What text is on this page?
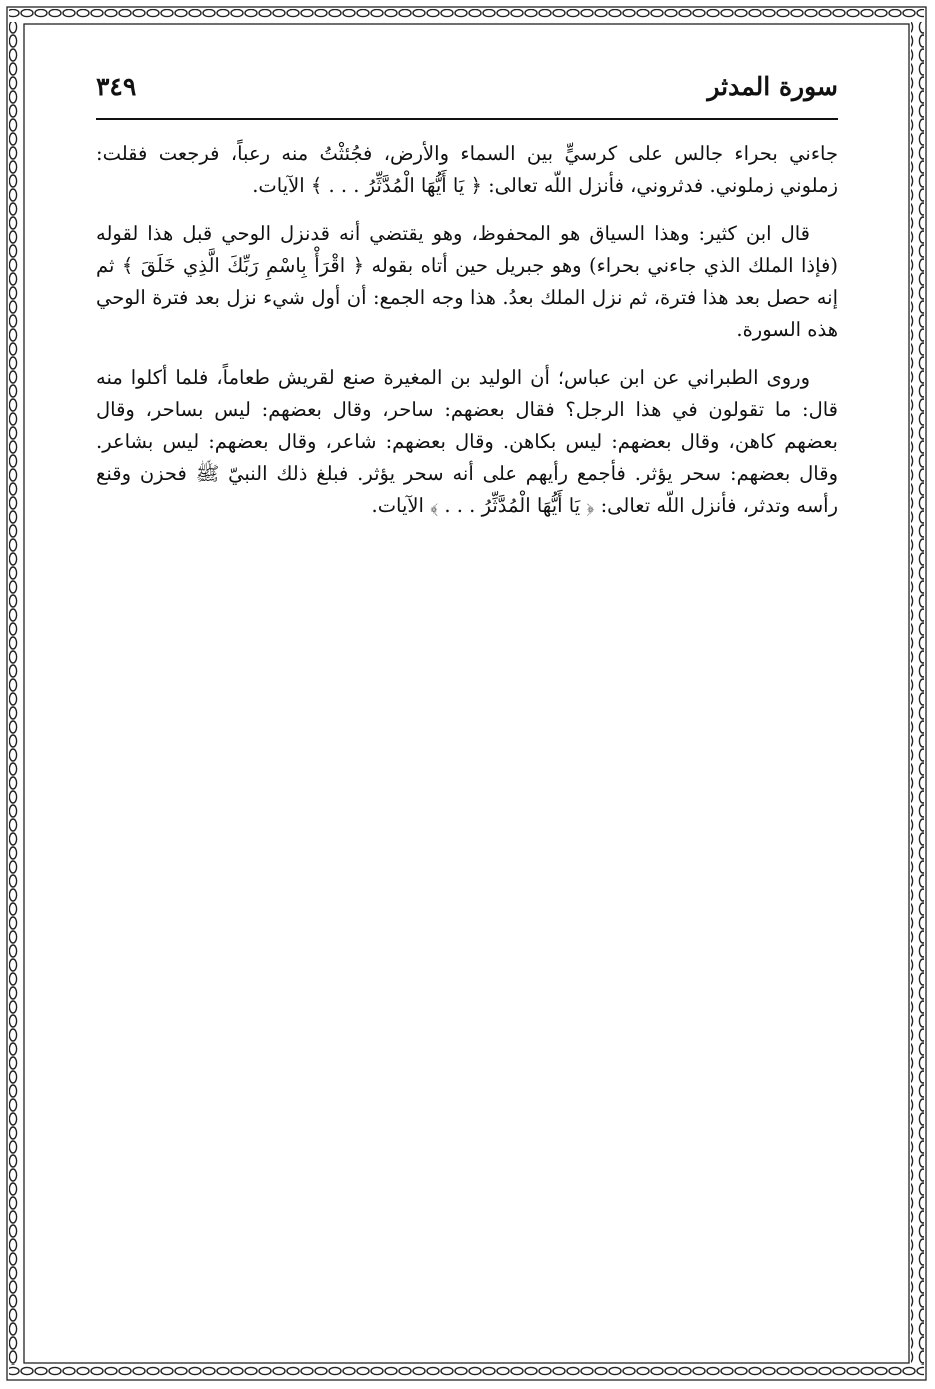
سورة المدثر
٣٤٩

جاءني بحراء جالس على كرسيٍّ بين السماء والأرض، فجُئثْتُ منه رعباً، فرجعت فقلت: زملوني زملوني. فدثروني، فأنزل اللّه تعالى: ﴿ يَا أَيُّهَا الْمُدَّثِّرُ . . . ﴾ الآيات.

قال ابن كثير: وهذا السياق هو المحفوظ، وهو يقتضي أنه قدنزل الوحي قبل هذا لقوله (فإذا الملك الذي جاءني بحراء) وهو جبريل حين أتاه بقوله ﴿ اقْرَأْ بِاسْمِ رَبِّكَ الَّذِي خَلَقَ ﴾ ثم إنه حصل بعد هذا فترة، ثم نزل الملك بعدُ. هذا وجه الجمع: أن أول شيء نزل بعد فترة الوحي هذه السورة.

وروى الطبراني عن ابن عباس؛ أن الوليد بن المغيرة صنع لقريش طعاماً، فلما أكلوا منه قال: ما تقولون في هذا الرجل؟ فقال بعضهم: ساحر، وقال بعضهم: ليس بساحر، وقال بعضهم كاهن، وقال بعضهم: ليس بكاهن. وقال بعضهم: شاعر، وقال بعضهم: ليس بشاعر. وقال بعضهم: سحر يؤثر. فأجمع رأيهم على أنه سحر يؤثر. فبلغ ذلك النبيّ ﷺ فحزن وقنع رأسه وتدثر، فأنزل اللّه تعالى: ﴿ يَا أَيُّهَا الْمُدَّثِّرُ . . . ﴾ الآيات.
